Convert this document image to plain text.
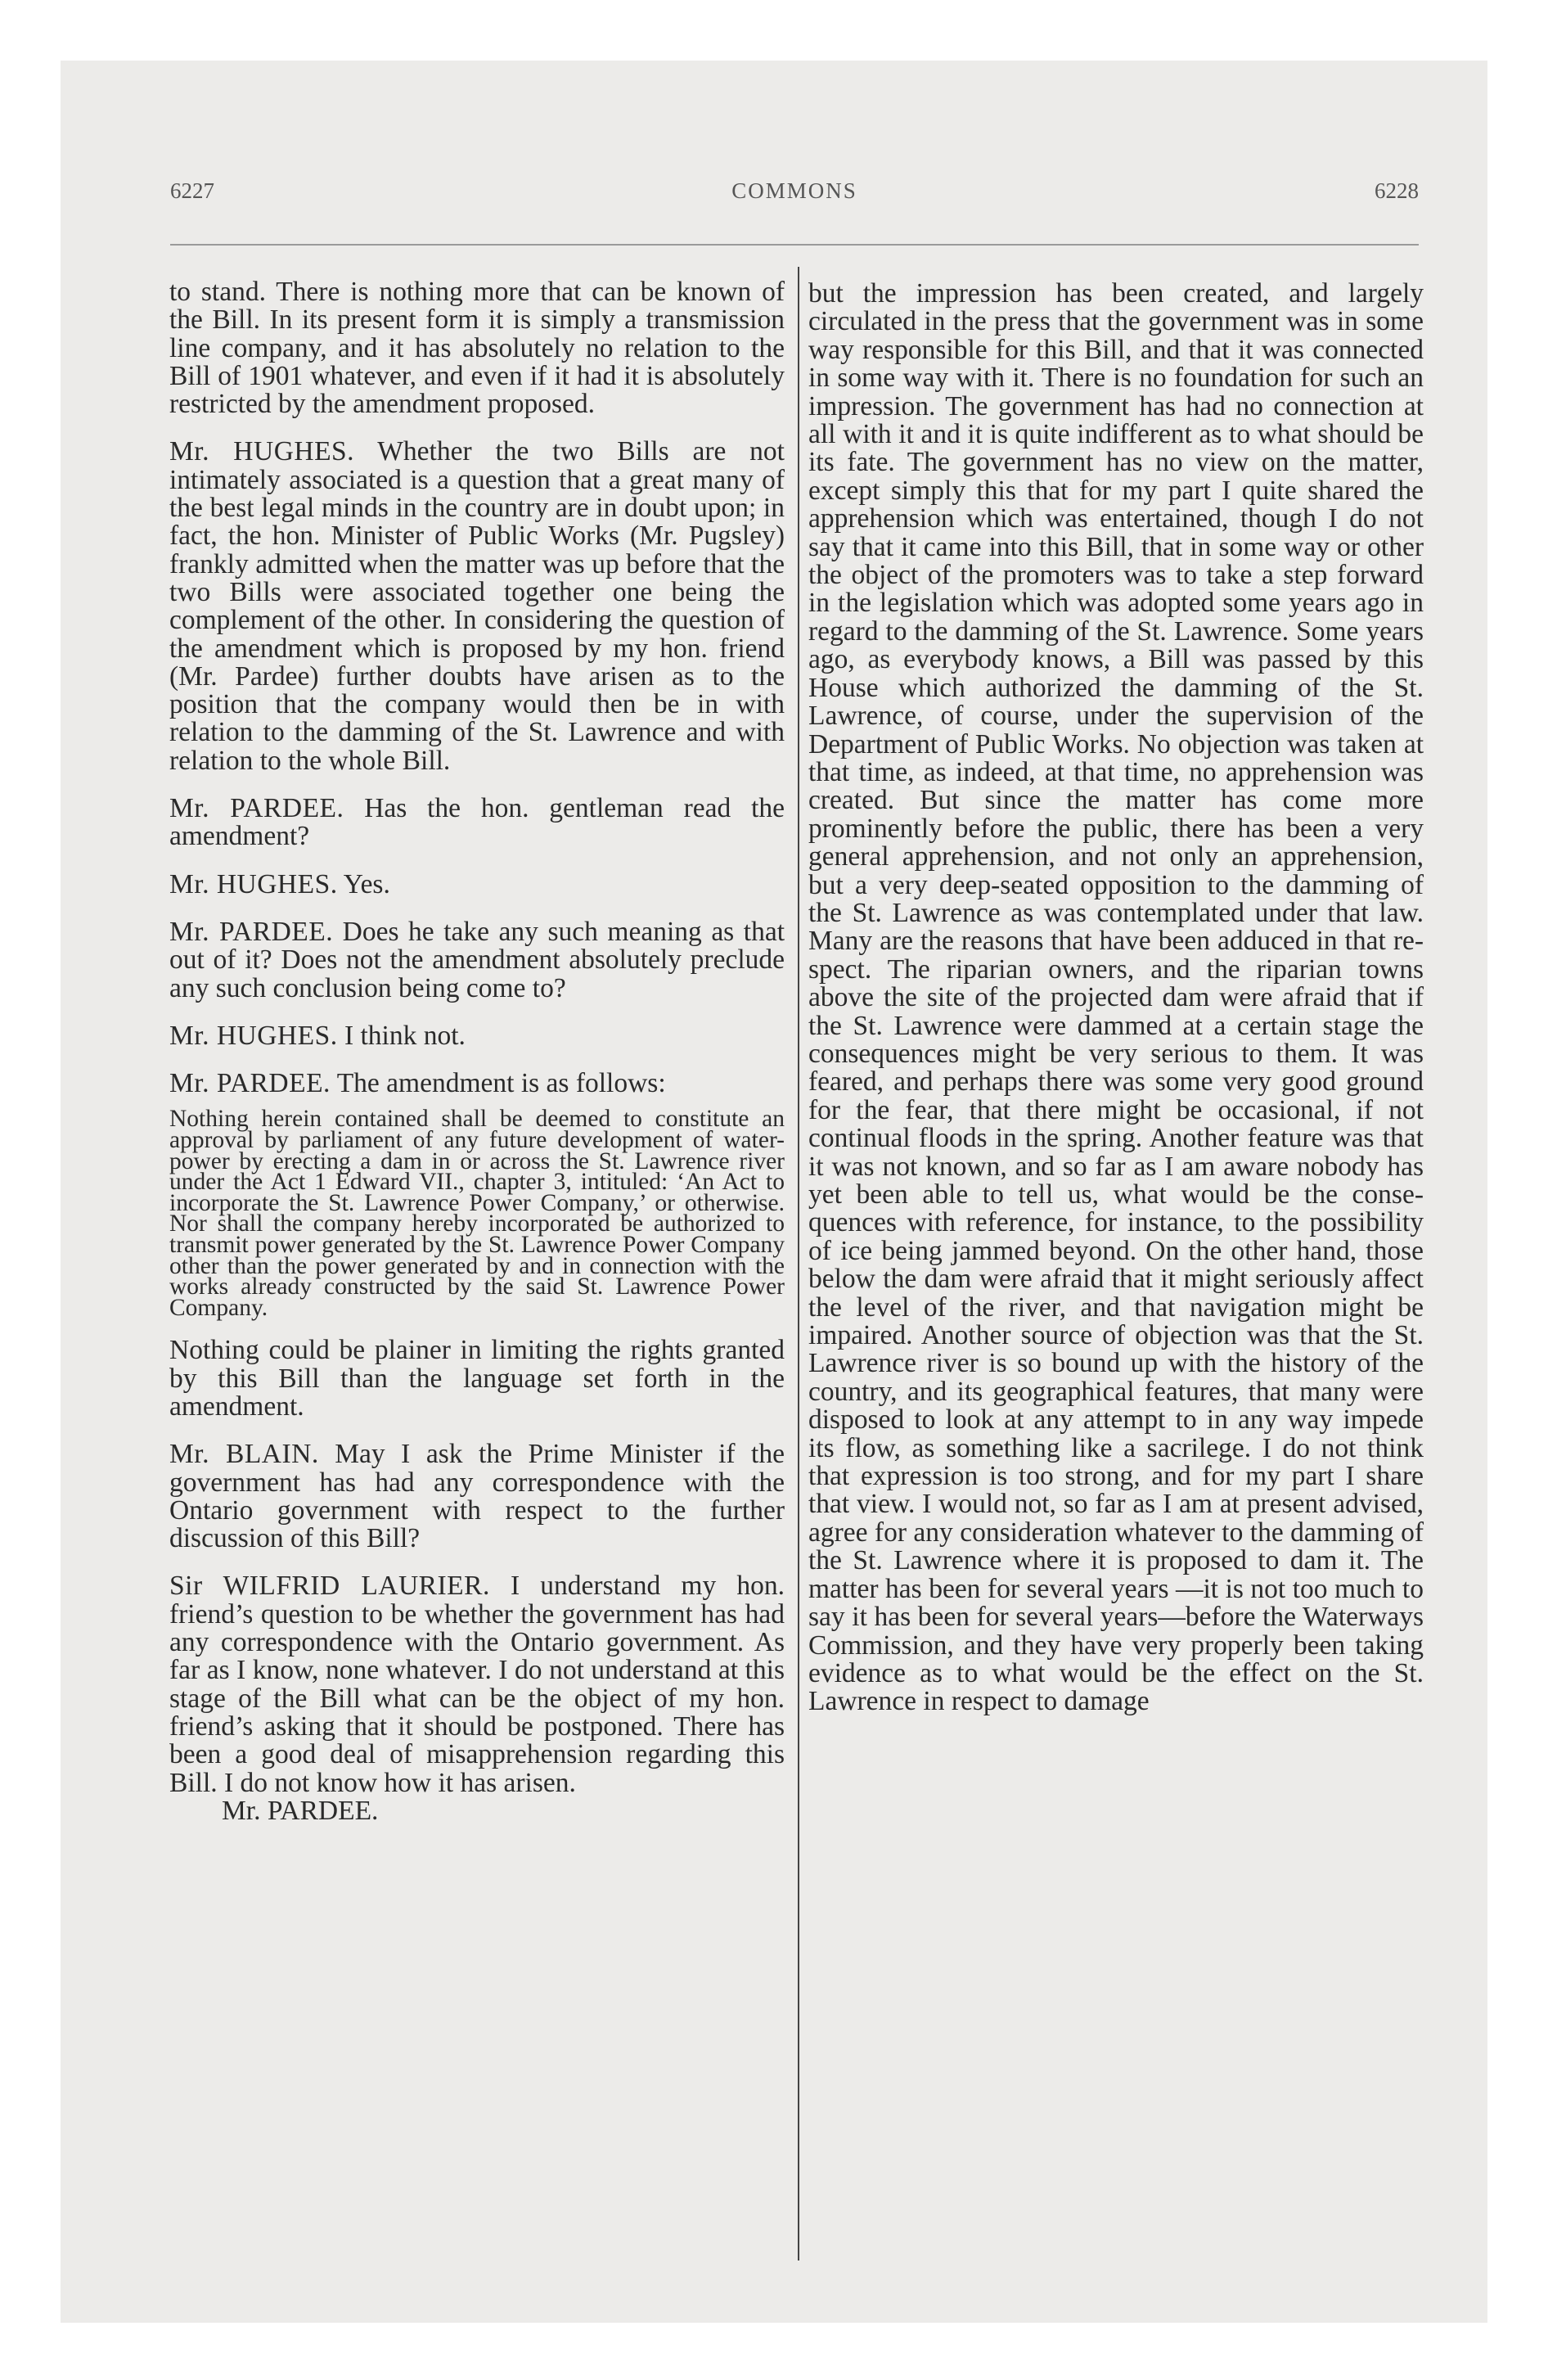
6227	COMMONS	6228

to stand. There is nothing more that can be known of the Bill. In its present form it is simply a transmission line company, and it has absolutely no relation to the Bill of 1901 whatever, and even if it had it is absolutely restricted by the amendment proposed.

Mr. HUGHES. Whether the two Bills are not intimately associated is a question that a great many of the best legal minds in the country are in doubt upon; in fact, the hon. Minister of Public Works (Mr. Pugsley) frankly admitted when the matter was up before that the two Bills were associated together one being the complement of the other. In considering the question of the amendment which is proposed by my hon. friend (Mr. Pardee) further doubts have arisen as to the position that the company would then be in with relation to the damming of the St. Lawrence and with relation to the whole Bill.

Mr. PARDEE. Has the hon. gentleman read the amendment?

Mr. HUGHES. Yes.

Mr. PARDEE. Does he take any such meaning as that out of it? Does not the amendment absolutely preclude any such conclusion being come to?

Mr. HUGHES. I think not.

Mr. PARDEE. The amendment is as follows:

Nothing herein contained shall be deemed to constitute an approval by parliament of any future development of water-power by erecting a dam in or across the St. Lawrence river under the Act 1 Edward VII., chapter 3, intituled: ‘An Act to incorporate the St. Lawrence Power Company,’ or otherwise. Nor shall the company hereby incorporated be authorized to transmit power generated by the St. Lawrence Power Company other than the power generated by and in connection with the works already constructed by the said St. Lawrence Power Company.

Nothing could be plainer in limiting the rights granted by this Bill than the language set forth in the amendment.

Mr. BLAIN. May I ask the Prime Minister if the government has had any correspondence with the Ontario government with respect to the further discussion of this Bill?

Sir WILFRID LAURIER. I understand my hon. friend’s question to be whether the government has had any correspondence with the Ontario government. As far as I know, none whatever. I do not understand at this stage of the Bill what can be the object of my hon. friend’s asking that it should be postponed. There has been a good deal of misapprehension regarding this Bill. I do not know how it has arisen.

Mr. PARDEE.

but the impression has been created, and largely circulated in the press that the government was in some way responsible for this Bill, and that it was connected in some way with it. There is no foundation for such an impression. The government has had no connection at all with it and it is quite indifferent as to what should be its fate. The government has no view on the matter, except simply this that for my part I quite shared the apprehension which was entertained, though I do not say that it came into this Bill, that in some way or other the object of the promoters was to take a step forward in the legislation which was adopted some years ago in regard to the damming of the St. Lawrence. Some years ago, as everybody knows, a Bill was passed by this House which authorized the damming of the St. Lawrence, of course, under the supervision of the Department of Public Works. No objection was taken at that time, as indeed, at that time, no apprehension was created. But since the matter has come more prominently before the public, there has been a very general apprehension, and not only an apprehension, but a very deep-seated opposition to the damming of the St. Lawrence as was contemplated under that law. Many are the reasons that have been adduced in that respect. The riparian owners, and the riparian towns above the site of the projected dam were afraid that if the St. Lawrence were dammed at a certain stage the consequences might be very serious to them. It was feared, and perhaps there was some very good ground for the fear, that there might be occasional, if not continual floods in the spring. Another feature was that it was not known, and so far as I am aware nobody has yet been able to tell us, what would be the consequences with reference, for instance, to the possibility of ice being jammed beyond. On the other hand, those below the dam were afraid that it might seriously affect the level of the river, and that navigation might be impaired. Another source of objection was that the St. Lawrence river is so bound up with the history of the country, and its geographical features, that many were disposed to look at any attempt to in any way impede its flow, as something like a sacrilege. I do not think that expression is too strong, and for my part I share that view. I would not, so far as I am at present advised, agree for any consideration whatever to the damming of the St. Lawrence where it is proposed to dam it. The matter has been for several years —it is not too much to say it has been for several years—before the Waterways Commission, and they have very properly been taking evidence as to what would be the effect on the St. Lawrence in respect to damage
